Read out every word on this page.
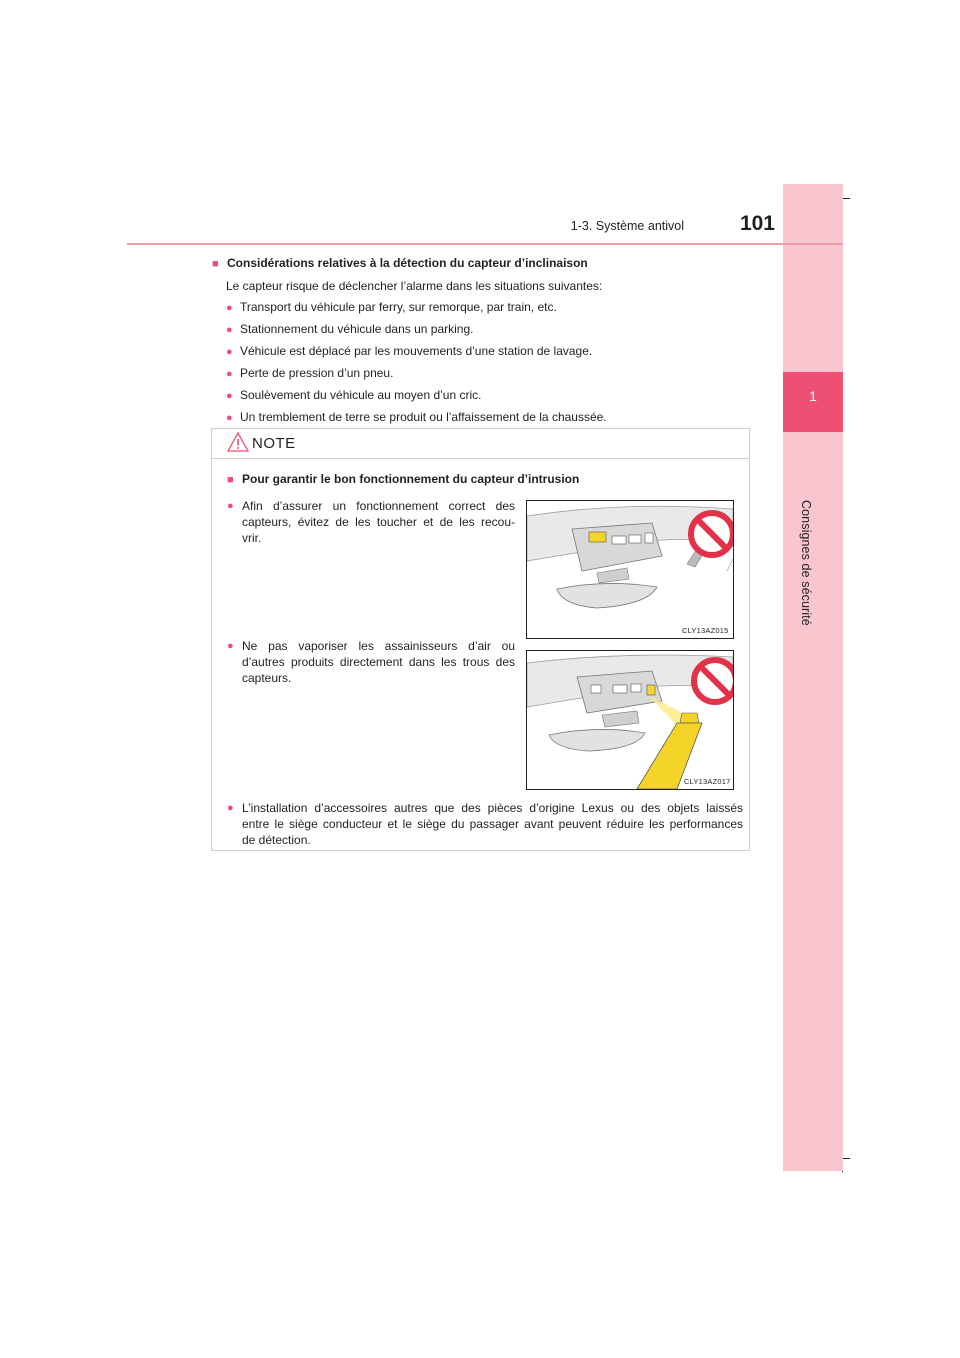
1
Consignes de sécurité
1-3. Système antivol	101
■ Considérations relatives à la détection du capteur d’inclinaison
Le capteur risque de déclencher l’alarme dans les situations suivantes:
● Transport du véhicule par ferry, sur remorque, par train, etc.
● Stationnement du véhicule dans un parking.
● Véhicule est déplacé par les mouvements d’une station de lavage.
● Perte de pression d’un pneu.
● Soulèvement du véhicule au moyen d’un cric.
● Un tremblement de terre se produit ou l’affaissement de la chaussée.
NOTE
■ Pour garantir le bon fonctionnement du capteur d’intrusion
● Afin d’assurer un fonctionnement correct des
capteurs, évitez de les toucher et de les recou-
vrir.
CLY13AZ015
● Ne pas vaporiser les assainisseurs d’air ou
d’autres produits directement dans les trous des
capteurs.
CLY13AZ017
● L’installation d’accessoires autres que des pièces d’origine Lexus ou des objets laissés
entre le siège conducteur et le siège du passager avant peuvent réduire les performances
de détection.
